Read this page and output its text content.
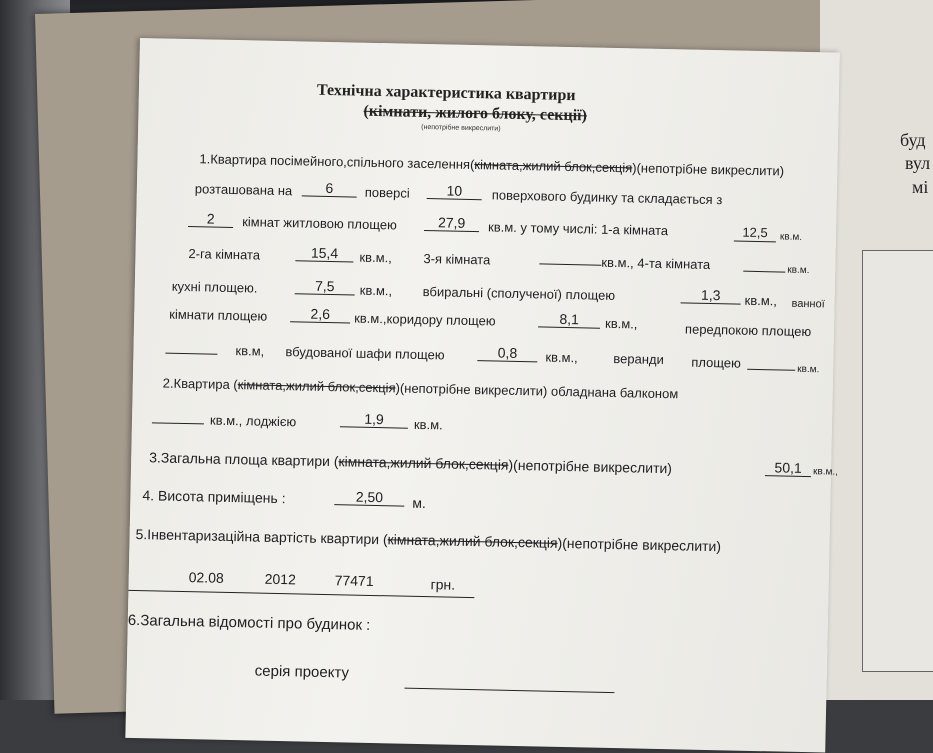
буд
вул
мі
Технічна характеристика квартири
(кімнати, жилого блоку, секції)
(непотрібне викреслити)
1.Квартира посімейного,спільного заселення(кімната,жилий блок,секція)(непотрібне викреслити)
розташована на	6	поверсі	10	поверхового будинку та складається з
2	кімнат житловою площею	27,9	кв.м. у тому числі: 1-а кімната	12,5	кв.м.
2-га кімната	15,4	кв.м., 3-я кімната	кв.м., 4-та кімната	кв.м.
кухні площею.	7,5	кв.м., вбиральні (сполученої) площею	1,3	кв.м., ванної
кімнати площею	2,6	кв.м.,коридору площею	8,1	кв.м.,	передпокою площею
кв.м, вбудованої шафи площею	0,8	кв.м.,	веранди площею	кв.м.
2.Квартира (кімната,жилий блок,секція)(непотрібне викреслити) обладнана балконом
кв.м., лоджією	1,9	кв.м.
3.Загальна площа квартири (кімната,жилий блок,секція)(непотрібне викреслити)	50,1	кв.м.,
4. Висота приміщень :	2,50	м.
5.Інвентаризаційна вартість квартири (кімната,жилий блок,секція)(непотрібне викреслити)
02.08	2012	77471	грн.
6.Загальна відомості про будинок :
серія проекту
